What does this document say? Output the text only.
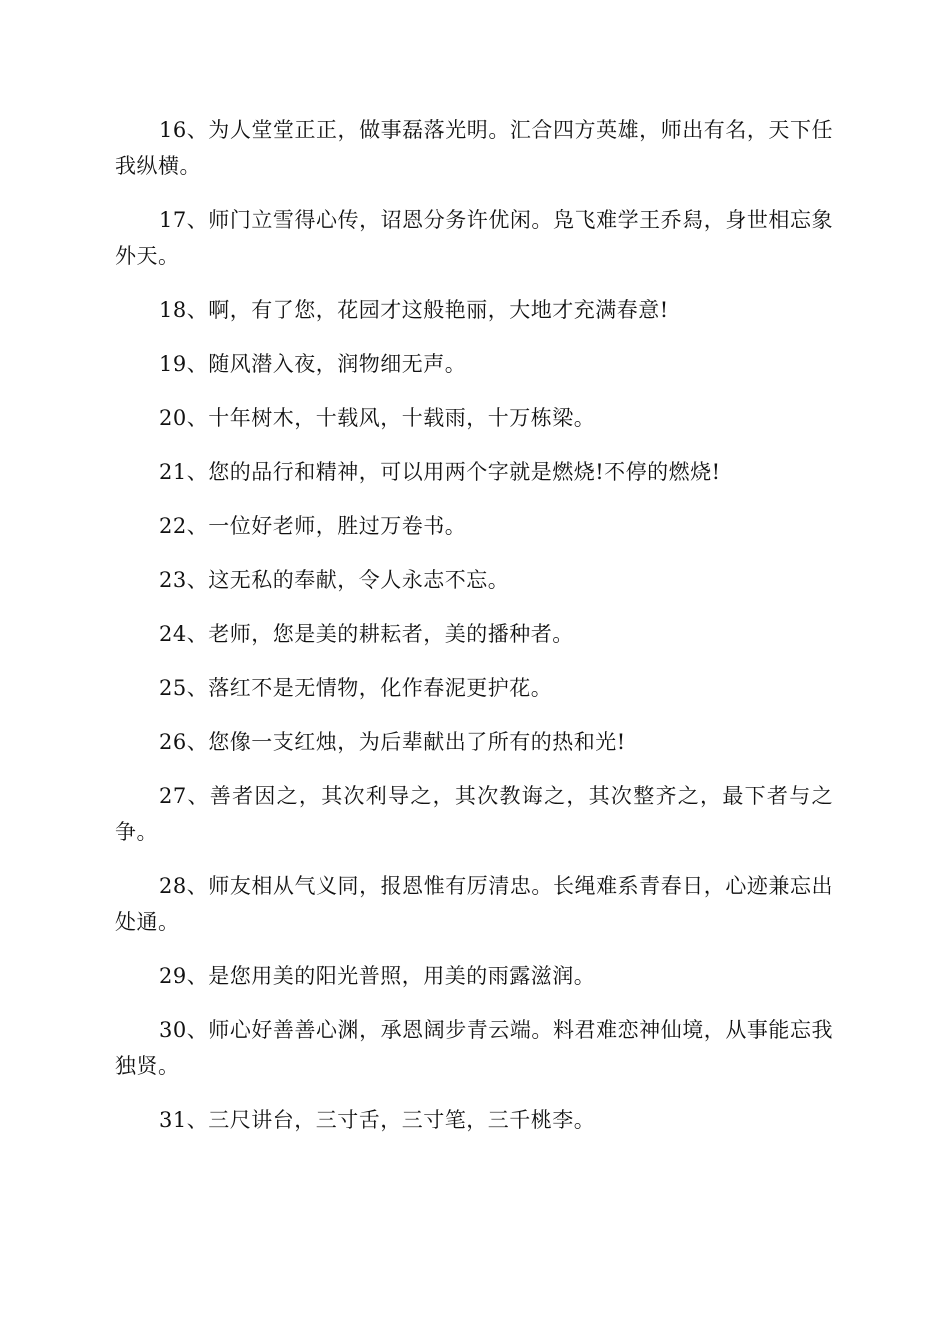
16、为人堂堂正正，做事磊落光明。汇合四方英雄，师出有名，天下任我纵横。

17、师门立雪得心传，诏恩分务许优闲。凫飞难学王乔舄，身世相忘象外天。

18、啊，有了您，花园才这般艳丽，大地才充满春意!

19、随风潜入夜，润物细无声。

20、十年树木，十载风，十载雨，十万栋梁。

21、您的品行和精神，可以用两个字就是燃烧!不停的燃烧!

22、一位好老师，胜过万卷书。

23、这无私的奉献，令人永志不忘。

24、老师，您是美的耕耘者，美的播种者。

25、落红不是无情物，化作春泥更护花。

26、您像一支红烛，为后辈献出了所有的热和光!

27、善者因之，其次利导之，其次教诲之，其次整齐之，最下者与之争。

28、师友相从气义同，报恩惟有厉清忠。长绳难系青春日，心迹兼忘出处通。

29、是您用美的阳光普照，用美的雨露滋润。

30、师心好善善心渊，承恩阔步青云端。料君难恋神仙境，从事能忘我独贤。

31、三尺讲台，三寸舌，三寸笔，三千桃李。
